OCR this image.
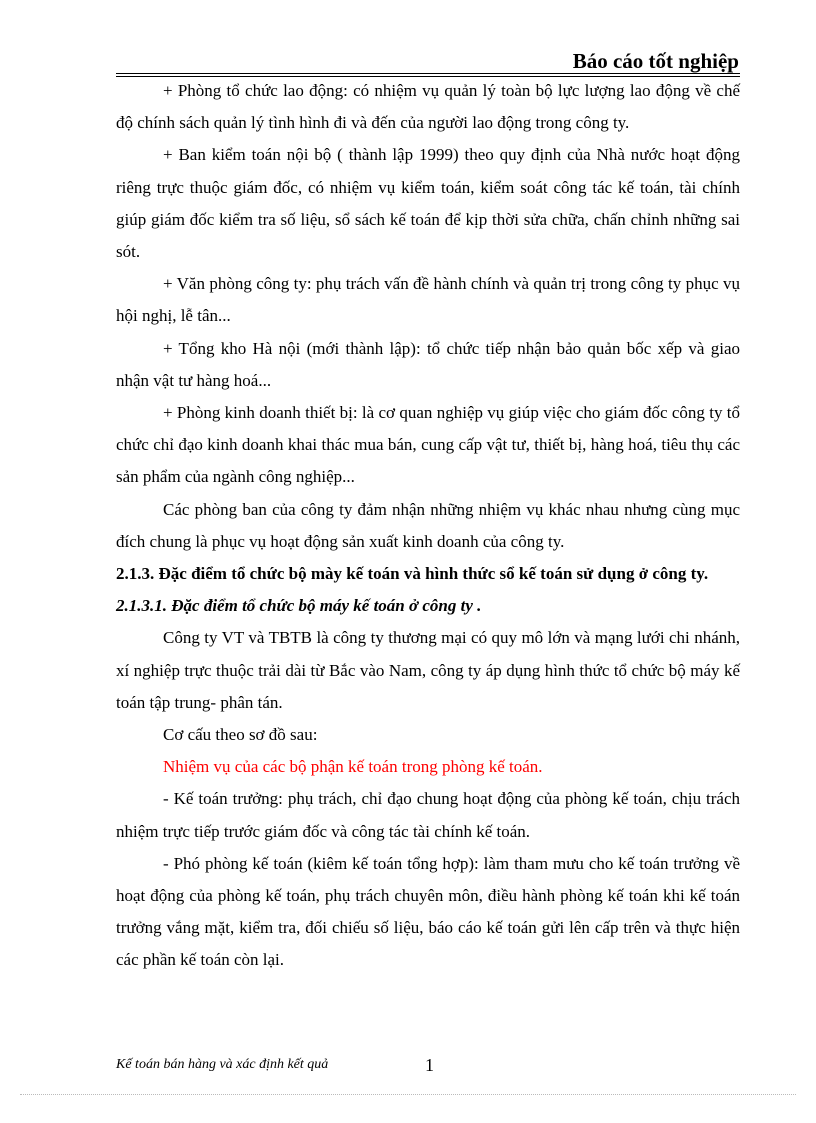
Báo cáo tốt nghiệp

+ Phòng tổ chức lao động: có nhiệm vụ quản lý toàn bộ lực lượng lao động về chế độ chính sách quản lý tình hình đi và đến của người lao động trong công ty.

+ Ban kiểm toán nội bộ ( thành lập 1999) theo quy định của Nhà nước hoạt động riêng trực thuộc giám đốc, có nhiệm vụ kiểm toán, kiểm soát công tác kế toán, tài chính giúp giám đốc kiểm tra số liệu, sổ sách kế toán để kịp thời sửa chữa, chấn chỉnh những sai sót.

+ Văn phòng công ty: phụ trách vấn đề hành chính và quản trị trong công ty phục vụ hội nghị, lễ tân...

+ Tổng kho Hà nội (mới thành lập): tổ chức tiếp nhận bảo quản bốc xếp và giao nhận vật tư hàng hoá...

+ Phòng kinh doanh thiết bị: là cơ quan nghiệp vụ giúp việc cho giám đốc công ty tổ chức chỉ đạo kinh doanh khai thác mua bán, cung cấp vật tư, thiết bị, hàng hoá, tiêu thụ các sản phẩm của ngành công nghiệp...

Các phòng ban của công ty đảm nhận những nhiệm vụ khác nhau nhưng cùng mục đích chung là phục vụ hoạt động sản xuất kinh doanh của công ty.

2.1.3. Đặc điểm tổ chức bộ mày kế toán và hình thức sổ kế toán sử dụng ở công ty.
2.1.3.1. Đặc điểm tổ chức bộ máy kế toán ở công ty .

Công ty VT và TBTB là công ty thương mại có quy mô lớn và mạng lưới chi nhánh, xí nghiệp trực thuộc trải dài từ Bắc vào Nam, công ty áp dụng hình thức tổ chức bộ máy kế toán tập trung- phân tán.

Cơ cấu theo sơ đồ sau:

Nhiệm vụ của các bộ phận kế toán trong phòng kế toán.

- Kế toán trưởng: phụ trách, chỉ đạo chung hoạt động của phòng kế toán, chịu trách nhiệm trực tiếp trước giám đốc và công tác tài chính kế toán.

- Phó phòng kế toán (kiêm kế toán tổng hợp): làm tham mưu cho kế toán trưởng về hoạt động của phòng kế toán, phụ trách chuyên môn, điều hành phòng kế toán khi kế toán trưởng vắng mặt, kiểm tra, đối chiếu số liệu, báo cáo kế toán gửi lên cấp trên và thực hiện các phần kế toán còn lại.

Kế toán bán hàng và xác định kết quả	1
